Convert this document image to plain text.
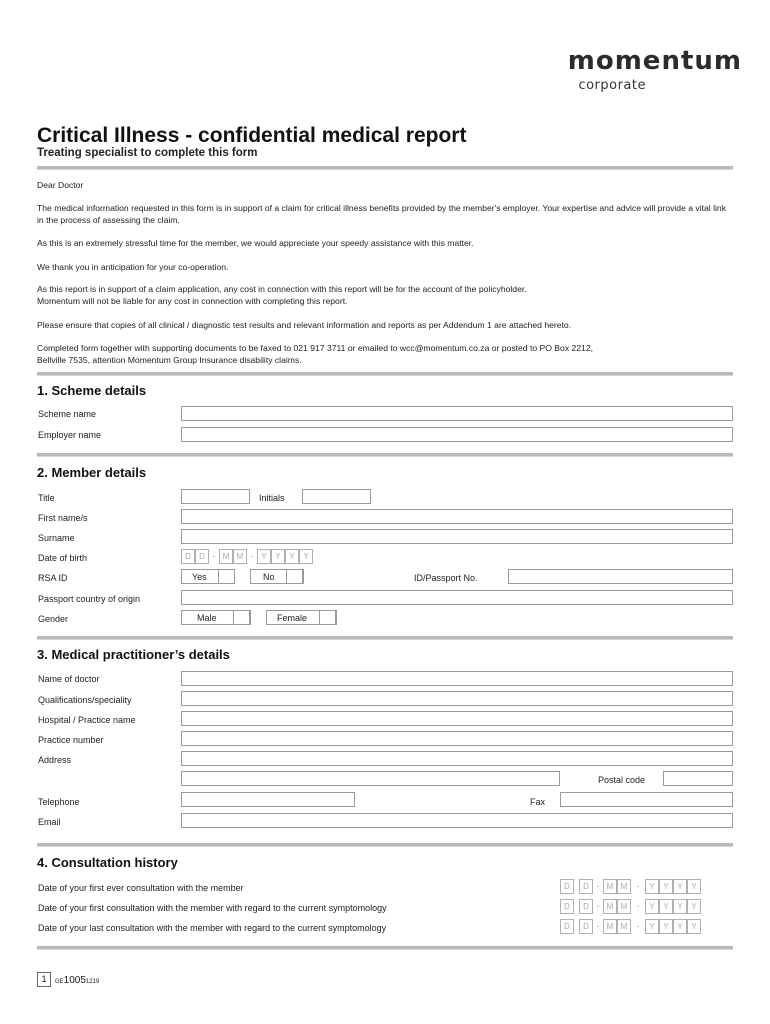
momentum
corporate
Critical Illness - confidential medical report
Treating specialist to complete this form
Dear Doctor
The medical information requested in this form is in support of a claim for critical illness benefits provided by the member's employer. Your expertise and advice will provide a vital link in the process of assessing the claim.
As this is an extremely stressful time for the member, we would appreciate your speedy assistance with this matter.
We thank you in anticipation for your co-operation.
As this report is in support of a claim application, any cost in connection with this report will be for the account of the policyholder.
Momentum will not be liable for any cost in connection with completing this report.
Please ensure that copies of all clinical / diagnostic test results and relevant information and reports as per Addendum 1 are attached hereto.
Completed form together with supporting documents to be faxed to 021 917 3711 or emailed to wcc@momentum.co.za or posted to PO Box 2212,
Bellville 7535, attention Momentum Group Insurance disability claims.
1. Scheme details
Scheme name
Employer name
2. Member details
Title	Initials
First name/s
Surname
Date of birth	D	D - M M - Y	Y	Y	Y
RSA ID	Yes	No	ID/Passport No.
Passport country of origin
Gender	Male	Female
3. Medical practitioner’s details
Name of doctor
Qualifications/speciality
Hospital / Practice name
Practice number
Address
Postal code
Telephone	Fax
Email
4. Consultation history
Date of your first ever consultation with the member	D	D - M M	-	Y	Y	Y	Y
Date of your first consultation with the member with regard to the current symptomology	D	D - M M	-	Y	Y	Y	Y
Date of your last consultation with the member with regard to the current symptomology	D	D - M M	-	Y	Y	Y	Y
1	GE10051219
